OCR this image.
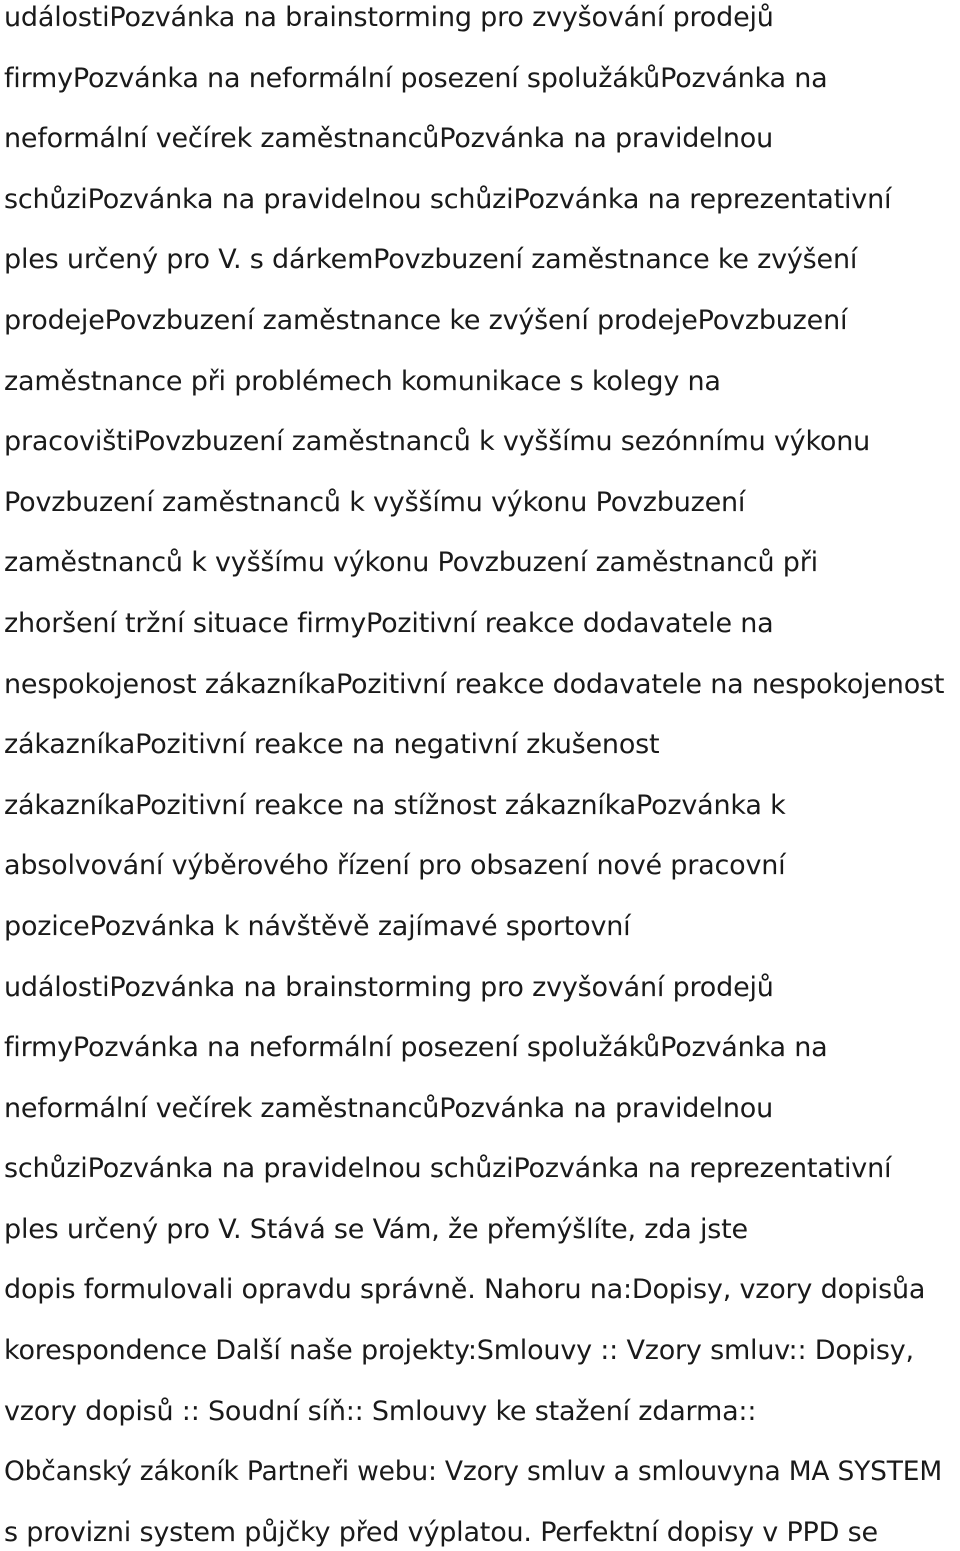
událostiPozvánka na brainstorming pro zvyšování prodejů
firmyPozvánka na neformální posezení spolužákůPozvánka na
neformální večírek zaměstnancůPozvánka na pravidelnou
schůziPozvánka na pravidelnou schůziPozvánka na reprezentativní
ples určený pro V. s dárkemPovzbuzení zaměstnance ke zvýšení
prodejePovzbuzení zaměstnance ke zvýšení prodejePovzbuzení
zaměstnance při problémech komunikace s kolegy na
pracovištiPovzbuzení zaměstnanců k vyššímu sezónnímu výkonu
Povzbuzení zaměstnanců k vyššímu výkonu Povzbuzení
zaměstnanců k vyššímu výkonu Povzbuzení zaměstnanců při
zhoršení tržní situace firmyPozitivní reakce dodavatele na
nespokojenost zákazníkaPozitivní reakce dodavatele na nespokojenost
zákazníkaPozitivní reakce na negativní zkušenost
zákazníkaPozitivní reakce na stížnost zákazníkaPozvánka k
absolvování výběrového řízení pro obsazení nové pracovní
pozicePozvánka k návštěvě zajímavé sportovní
událostiPozvánka na brainstorming pro zvyšování prodejů
firmyPozvánka na neformální posezení spolužákůPozvánka na
neformální večírek zaměstnancůPozvánka na pravidelnou
schůziPozvánka na pravidelnou schůziPozvánka na reprezentativní
ples určený pro V. Stává se Vám, že přemýšlíte, zda jste
dopis formulovali opravdu správně. Nahoru na:Dopisy, vzory dopisůa
korespondence Další naše projekty:Smlouvy :: Vzory smluv:: Dopisy,
vzory dopisů :: Soudní síň:: Smlouvy ke stažení zdarma::
Občanský zákoník Partneři webu: Vzory smluv a smlouvyna MA SYSTEM
s provizni system půjčky před výplatou. Perfektní dopisy v PPD se
